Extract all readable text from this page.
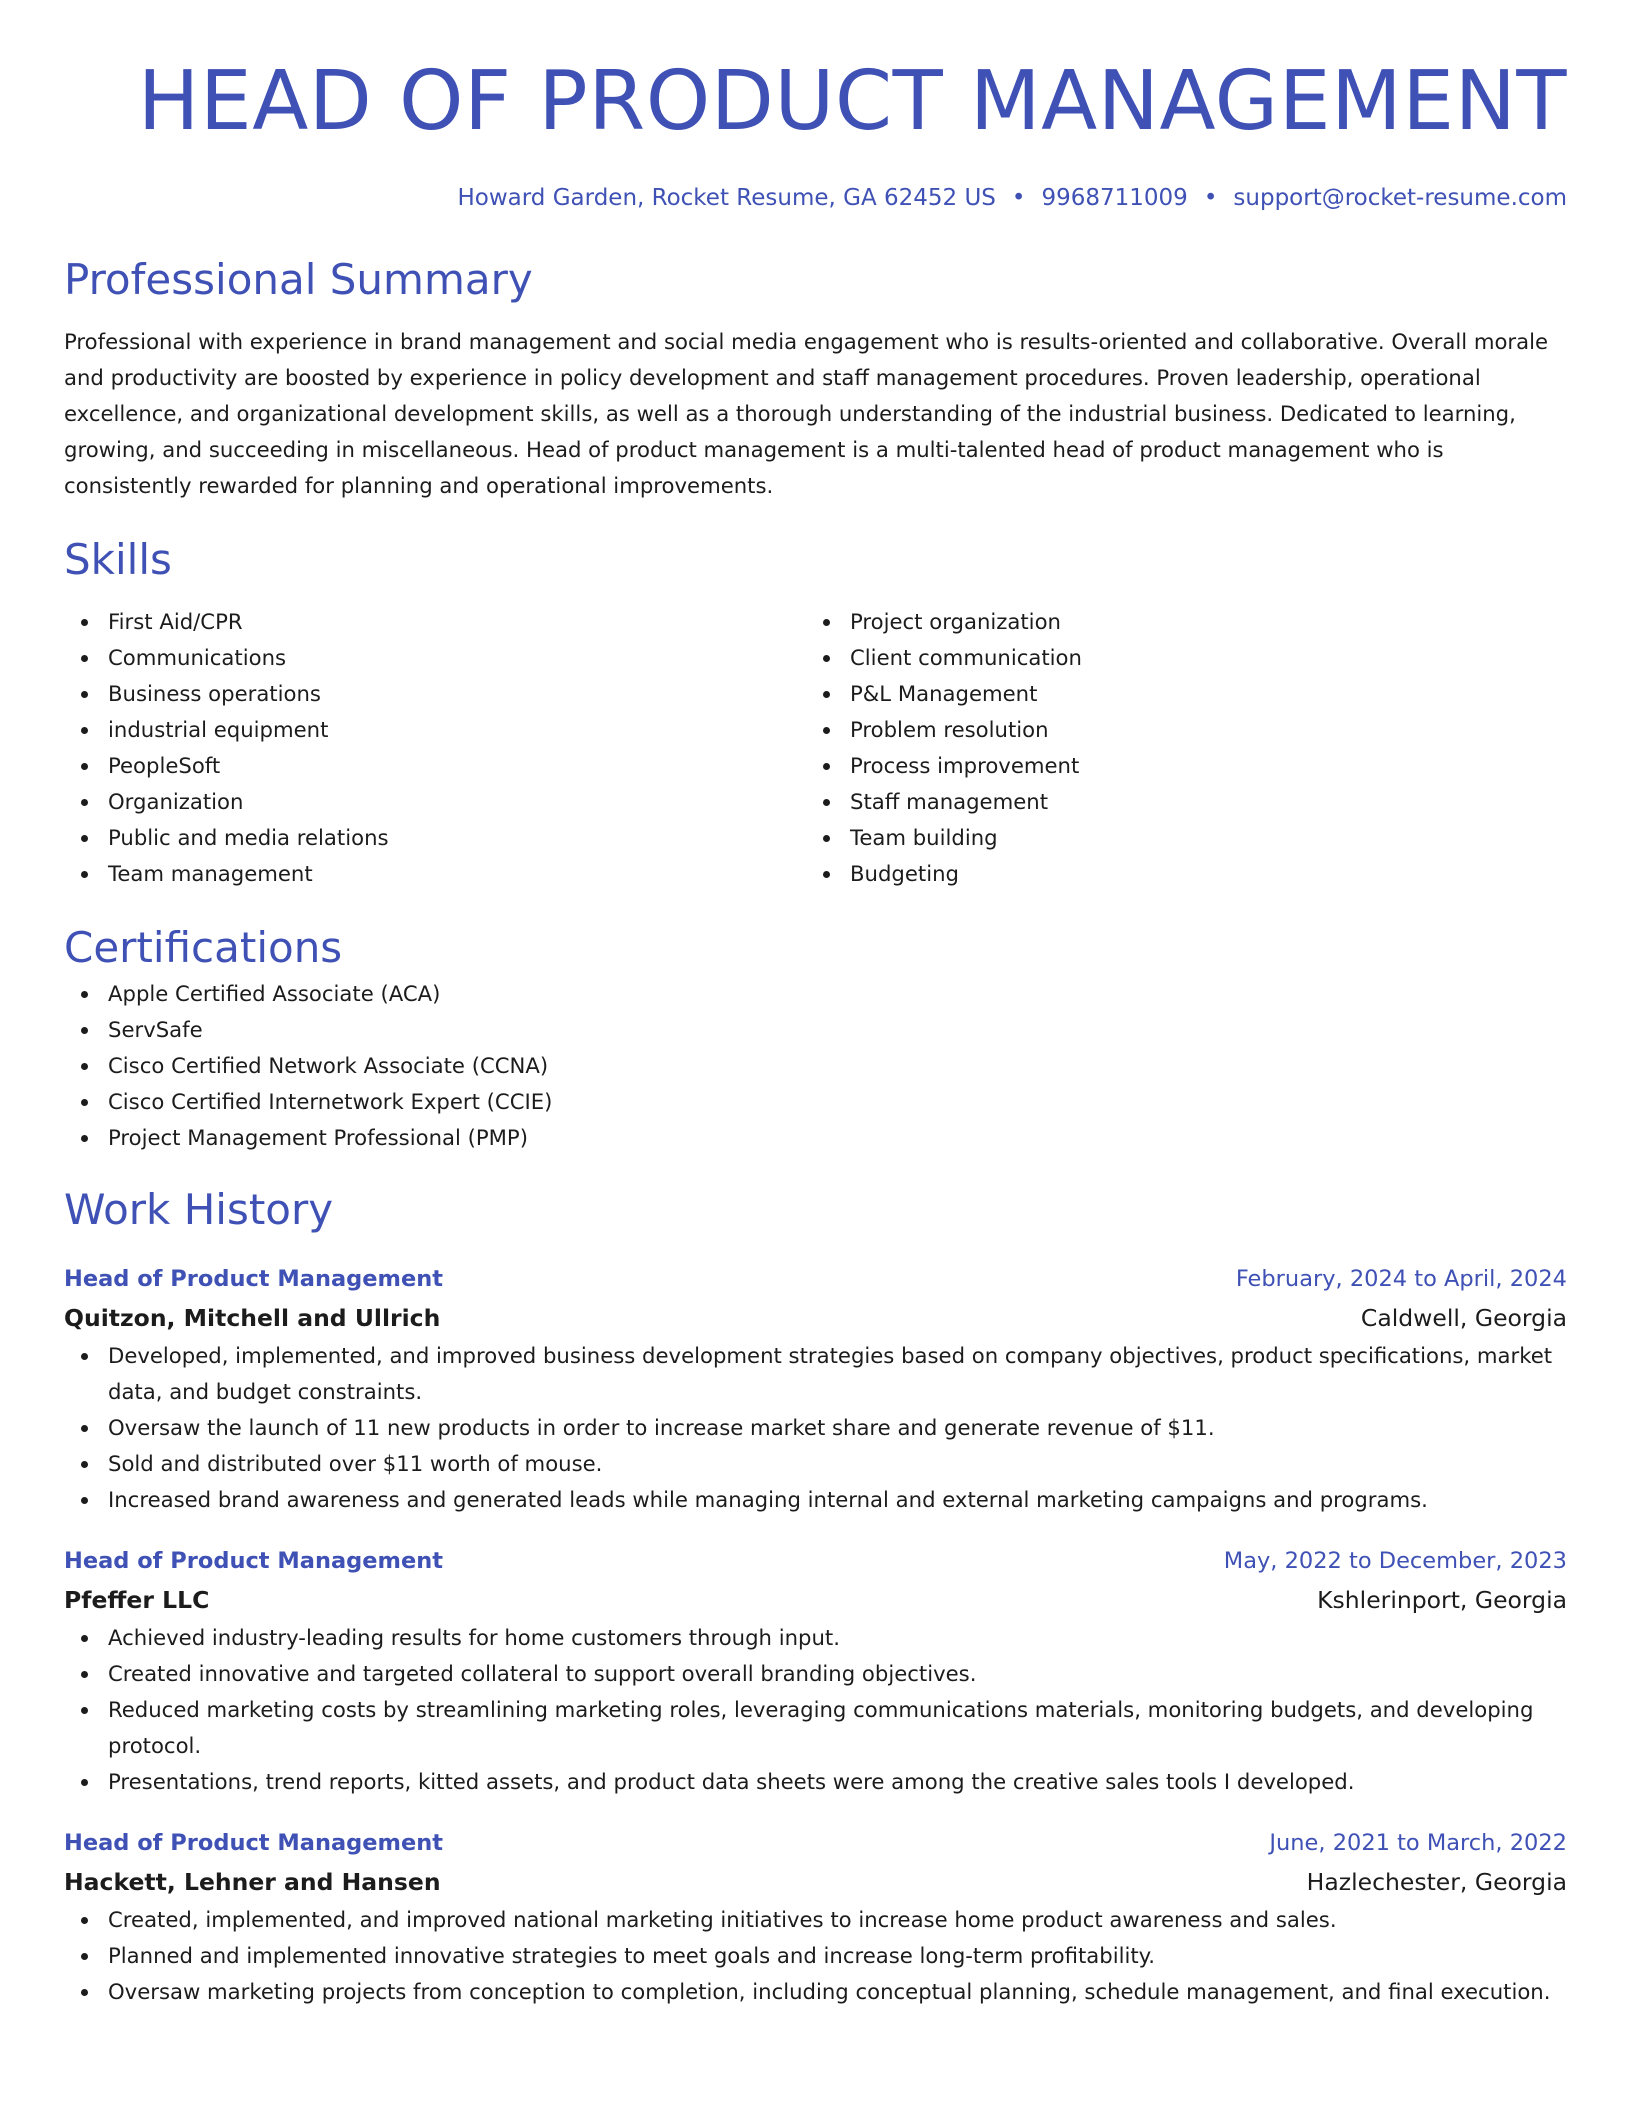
HEAD OF PRODUCT MANAGEMENT
Howard Garden, Rocket Resume, GA 62452 US • 9968711009 • support@rocket-resume.com
Professional Summary

Professional with experience in brand management and social media engagement who is results-oriented and collaborative. Overall morale and productivity are boosted by experience in policy development and staff management procedures. Proven leadership, operational excellence, and organizational development skills, as well as a thorough understanding of the industrial business. Dedicated to learning, growing, and succeeding in miscellaneous. Head of product management is a multi-talented head of product management who is consistently rewarded for planning and operational improvements.

Skills
First Aid/CPR
Communications
Business operations
industrial equipment
PeopleSoft
Organization
Public and media relations
Team management
Project organization
Client communication
P&L Management
Problem resolution
Process improvement
Staff management
Team building
Budgeting
Certifications
Apple Certified Associate (ACA)
ServSafe
Cisco Certified Network Associate (CCNA)
Cisco Certified Internetwork Expert (CCIE)
Project Management Professional (PMP)
Work History
Head of Product Management	February, 2024 to April, 2024
Quitzon, Mitchell and Ullrich	Caldwell, Georgia
Developed, implemented, and improved business development strategies based on company objectives, product specifications, market data, and budget constraints.
Oversaw the launch of 11 new products in order to increase market share and generate revenue of $11.
Sold and distributed over $11 worth of mouse.
Increased brand awareness and generated leads while managing internal and external marketing campaigns and programs.
Head of Product Management	May, 2022 to December, 2023
Pfeffer LLC	Kshlerinport, Georgia
Achieved industry-leading results for home customers through input.
Created innovative and targeted collateral to support overall branding objectives.
Reduced marketing costs by streamlining marketing roles, leveraging communications materials, monitoring budgets, and developing protocol.
Presentations, trend reports, kitted assets, and product data sheets were among the creative sales tools I developed.
Head of Product Management	June, 2021 to March, 2022
Hackett, Lehner and Hansen	Hazlechester, Georgia
Created, implemented, and improved national marketing initiatives to increase home product awareness and sales.
Planned and implemented innovative strategies to meet goals and increase long-term profitability.
Oversaw marketing projects from conception to completion, including conceptual planning, schedule management, and final execution.
